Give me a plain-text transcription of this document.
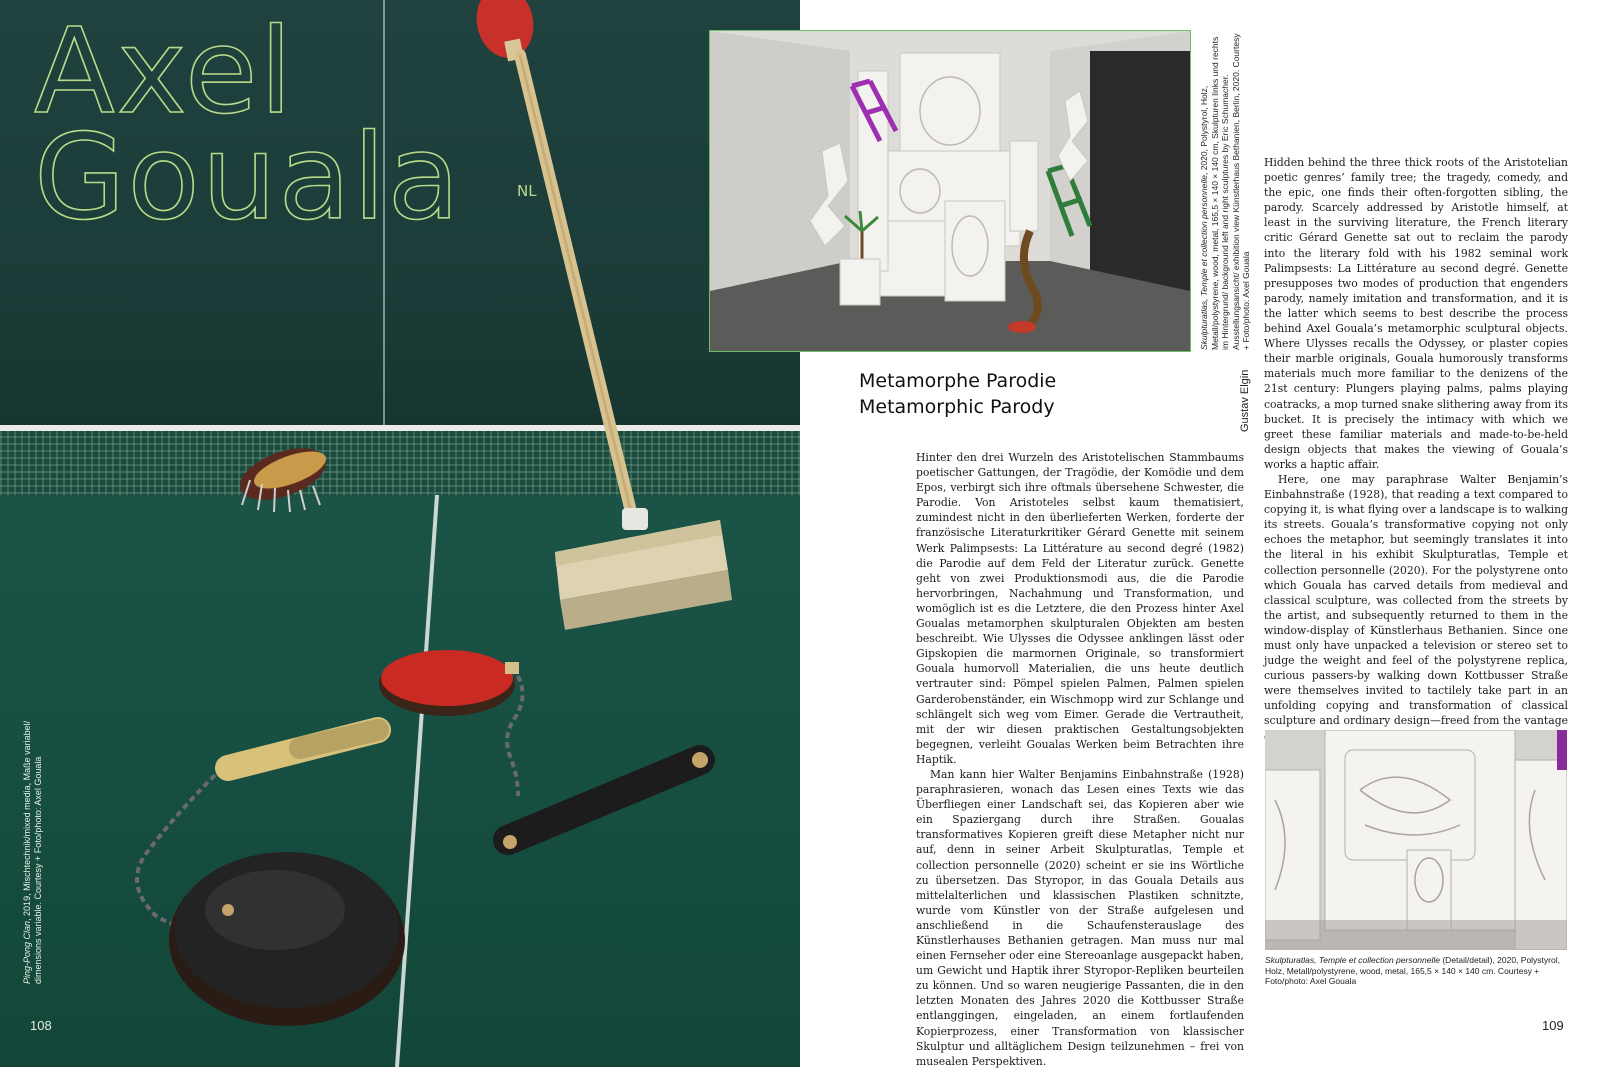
Axel
Gouala	NL
Ping-Pong Clan, 2019, Mischtechnik/mixed media, Maße variabel/ dimensions variable. Courtesy + Foto/photo: Axel Gouala
108
Skulpturatlas, Temple et collection personnelle, 2020, Polystyrol, Holz, Metall/polystyrene, wood, metal, 165,5 × 140 × 140 cm, Skulpturen links und rechts im Hintergrund/ background left and right sculptures by Eric Schumacher. Ausstellungsansicht/ exhibition view Künstlerhaus Bethanien, Berlin, 2020. Courtesy + Foto/photo: Axel Gouala
Gustav Elgin
Metamorphe Parodie
Metamorphic Parody

Hinter den drei Wurzeln des Aristotelischen Stammbaums poetischer Gattungen, der Tragödie, der Komödie und dem Epos, verbirgt sich ihre oftmals übersehene Schwester, die Parodie. Von Aristoteles selbst kaum thematisiert, zumindest nicht in den überlieferten Werken, forderte der französische Literaturkritiker Gérard Genette mit seinem Werk Palimpsests: La Littérature au second degré (1982) die Parodie auf dem Feld der Literatur zurück. Genette geht von zwei Produktionsmodi aus, die die Parodie hervorbringen, Nachahmung und Transformation, und womöglich ist es die Letztere, die den Prozess hinter Axel Goualas metamorphen skulpturalen Objekten am besten beschreibt. Wie Ulysses die Odyssee anklingen lässt oder Gipskopien die marmornen Originale, so transformiert Gouala humorvoll Materialien, die uns heute deutlich vertrauter sind: Pömpel spielen Palmen, Palmen spielen Garderobenständer, ein Wischmopp wird zur Schlange und schlängelt sich weg vom Eimer. Gerade die Vertrautheit, mit der wir diesen praktischen Gestaltungsobjekten begegnen, verleiht Goualas Werken beim Betrachten ihre Haptik.

Man kann hier Walter Benjamins Einbahnstraße (1928) paraphrasieren, wonach das Lesen eines Texts wie das Überfliegen einer Landschaft sei, das Kopieren aber wie ein Spaziergang durch ihre Straßen. Goualas transformatives Kopieren greift diese Metapher nicht nur auf, denn in seiner Arbeit Skulpturatlas, Temple et collection personnelle (2020) scheint er sie ins Wörtliche zu übersetzen. Das Styropor, in das Gouala Details aus mittelalterlichen und klassischen Plastiken schnitzte, wurde vom Künstler von der Straße aufgelesen und anschließend in die Schaufensterauslage des Künstlerhauses Bethanien getragen. Man muss nur mal einen Fernseher oder eine Stereoanlage ausgepackt haben, um Gewicht und Haptik ihrer Styropor-Repliken beurteilen zu können. Und so waren neugierige Passanten, die in den letzten Monaten des Jahres 2020 die Kottbusser Straße entlanggingen, eingeladen, an einem fortlaufenden Kopierprozess, einer Transformation von klassischer Skulptur und alltäglichem Design teilzunehmen – frei von musealen Perspektiven.

Hidden behind the three thick roots of the Aristotelian poetic genres’ family tree; the tragedy, comedy, and the epic, one finds their often-forgotten sibling, the parody. Scarcely addressed by Aristotle himself, at least in the surviving literature, the French literary critic Gérard Genette sat out to reclaim the parody into the literary fold with his 1982 seminal work Palimpsests: La Littérature au second degré. Genette presupposes two modes of production that engenders parody, namely imitation and transformation, and it is the latter which seems to best describe the process behind Axel Gouala’s metamorphic sculptural objects. Where Ulysses recalls the Odyssey, or plaster copies their marble originals, Gouala humorously transforms materials much more familiar to the denizens of the 21st century: Plungers playing palms, palms playing coatracks, a mop turned snake slithering away from its bucket. It is precisely the intimacy with which we greet these familiar materials and made-to-be-held design objects that makes the viewing of Gouala’s works a haptic affair.

Here, one may paraphrase Walter Benjamin’s Einbahnstraße (1928), that reading a text compared to copying it, is what flying over a landscape is to walking its streets. Gouala’s transformative copying not only echoes the metaphor, but seemingly translates it into the literal in his exhibit Skulpturatlas, Temple et collection personnelle (2020). For the polystyrene onto which Gouala has carved details from medieval and classical sculpture, was collected from the streets by the artist, and subsequently returned to them in the window-display of Künstlerhaus Bethanien. Since one must only have unpacked a television or stereo set to judge the weight and feel of the polystyrene replica, curious passers-by walking down Kottbusser Straße were themselves invited to tactilely take part in an unfolding copying and transformation of classical sculpture and ordinary design—freed from the vantage

Skulpturatlas, Temple et collection personnelle (Detail/detail), 2020, Polystyrol, Holz, Metall/polystyrene, wood, metal, 165,5 × 140 × 140 cm. Courtesy + Foto/photo: Axel Gouala
109
